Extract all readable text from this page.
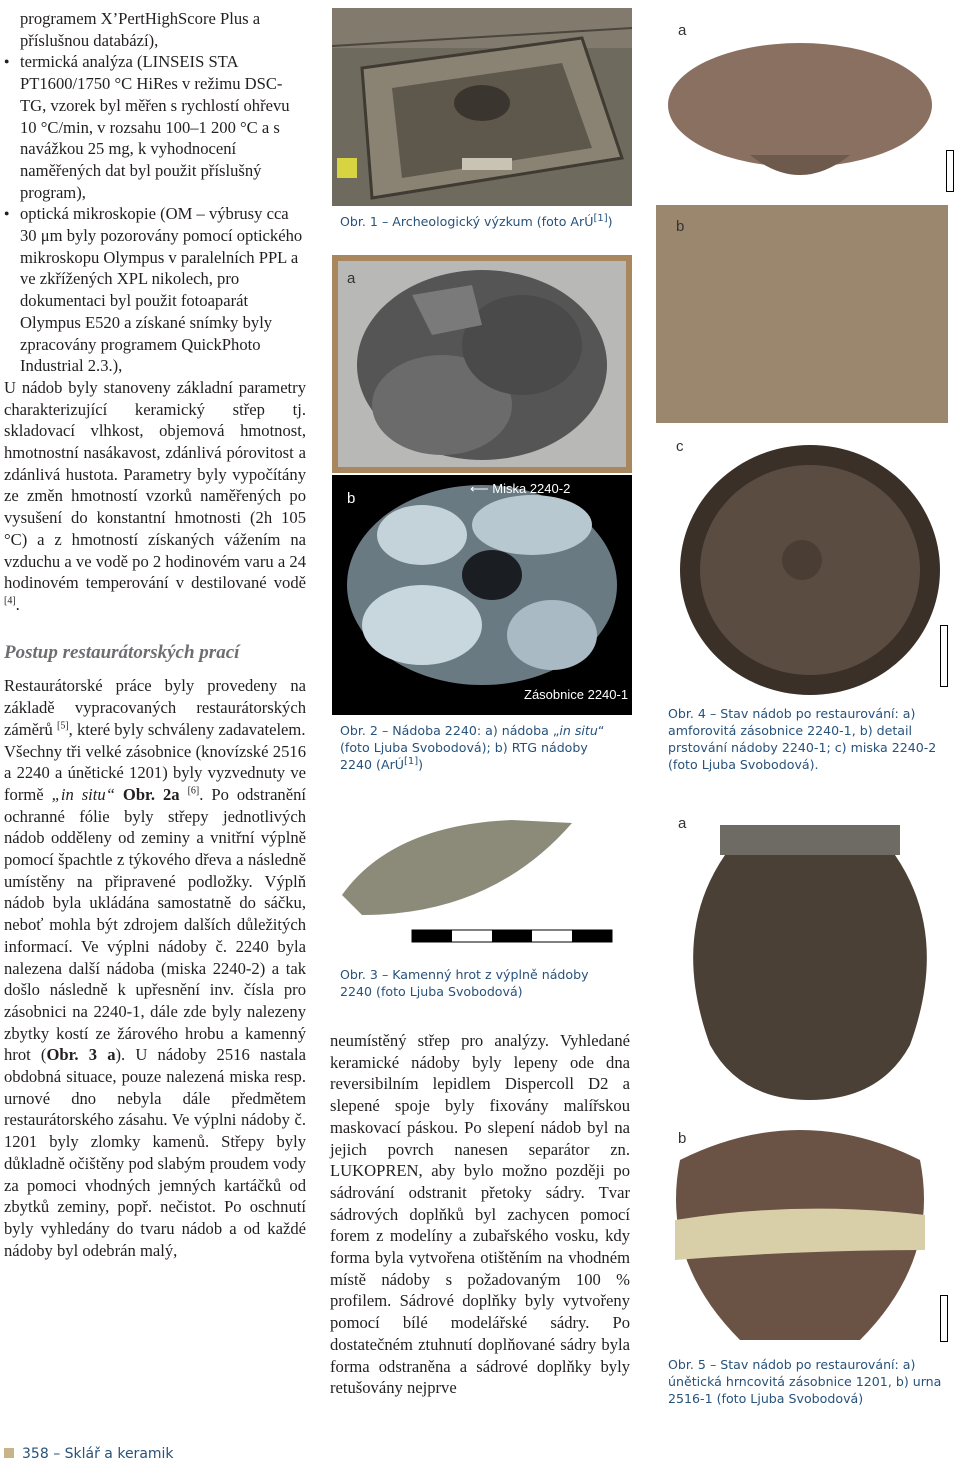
programem X’PertHighScore Plus a příslušnou databází),
● termická analýza (LINSEIS STA PT1600/1750 °C HiRes v režimu DSC-TG, vzorek byl měřen s rychlostí ohřevu 10 °C/min, v rozsahu 100–1 200 °C a s navážkou 25 mg, k vyhodnocení naměřených dat byl použit příslušný program),
● optická mikroskopie (OM – výbrusy cca 30 μm byly pozorovány pomocí optického mikroskopu Olympus v paralelních PPL a ve zkřížených XPL nikolech, pro dokumentaci byl použit fotoaparát Olympus E520 a získané snímky byly zpracovány programem QuickPhoto Industrial 2.3.),

U nádob byly stanoveny základní parametry charakterizující keramický střep tj. skladovací vlhkost, objemová hmotnost, hmotnostní nasákavost, zdánlivá pórovitost a zdánlivá hustota. Parametry byly vypočítány ze změn hmotností vzorků naměřených po vysušení do konstantní hmotnosti (2h 105 °C) a z hmotností získaných vážením na vzduchu a ve vodě po 2 hodinovém varu a 24 hodinovém temperování v destilované vodě [4].

Postup restaurátorských prací

Restaurátorské práce byly provedeny na základě vypracovaných restaurátorských záměrů [5], které byly schváleny zadavatelem.

Všechny tři velké zásobnice (knovízské 2516 a 2240 a únětické 1201) byly vyzvednuty ve formě „in situ“ Obr. 2a [6]. Po odstranění ochranné fólie byly střepy jednotlivých nádob odděleny od zeminy a vnitřní výplně pomocí špachtle z týkového dřeva a následně umístěny na připravené podložky. Výplň nádob byla ukládána samostatně do sáčku, neboť mohla být zdrojem dalších důležitých informací. Ve výplni nádoby č. 2240 byla nalezena další nádoba (miska 2240-2) a tak došlo následně k upřesnění inv. čísla pro zásobnici na 2240-1, dále zde byly nalezeny zbytky kostí ze žárového hrobu a kamenný hrot (Obr. 3 a). U nádoby 2516 nastala obdobná situace, pouze nalezená miska resp. urnové dno nebyla dále předmětem restaurátorského zásahu. Ve výplni nádoby č. 1201 byly zlomky kamenů. Střepy byly důkladně očištěny pod slabým proudem vody za pomoci vhodných jemných kartáčků od zbytků zeminy, popř. nečistot. Po oschnutí byly vyhledány do tvaru nádob a od každé nádoby byl odebrán malý,

Obr. 1 – Archeologický výzkum (foto ArÚ[1])
a
b
⟵ Miska 2240-2
Zásobnice 2240-1
Obr. 2 – Nádoba 2240: a) nádoba „in situ“ (foto Ljuba Svobodová); b) RTG nádoby 2240 (ArÚ[1])
Obr. 3 – Kamenný hrot z výplně nádoby 2240 (foto Ljuba Svobodová)
neumístěný střep pro analýzy. Vyhledané keramické nádoby byly lepeny ode dna reversibilním lepidlem Dispercoll D2 a slepené spoje byly fixovány malířskou maskovací páskou. Po slepení nádob byl na jejich povrch nanesen separátor zn. LUKOPREN, aby bylo možno později po sádrování odstranit přetoky sádry. Tvar sádrových doplňků byl zachycen pomocí forem z modelíny a zubařského vosku, kdy forma byla vytvořena otištěním na vhodném místě nádoby s požadovaným 100 % profilem. Sádrové doplňky byly vytvořeny pomocí bílé modelářské sádry. Po dostatečném ztuhnutí doplňované sádry byla forma odstraněna a sádrové doplňky byly retušovány nejprve
a
b
c
Obr. 4 – Stav nádob po restaurování: a) amforovitá zásobnice 2240-1, b) detail prstování nádoby 2240-1; c) miska 2240-2 (foto Ljuba Svobodová).
a
b
Obr. 5 – Stav nádob po restaurování: a) únětická hrncovitá zásobnice 1201, b) urna 2516-1 (foto Ljuba Svobodová)
358 – Sklář a keramik
